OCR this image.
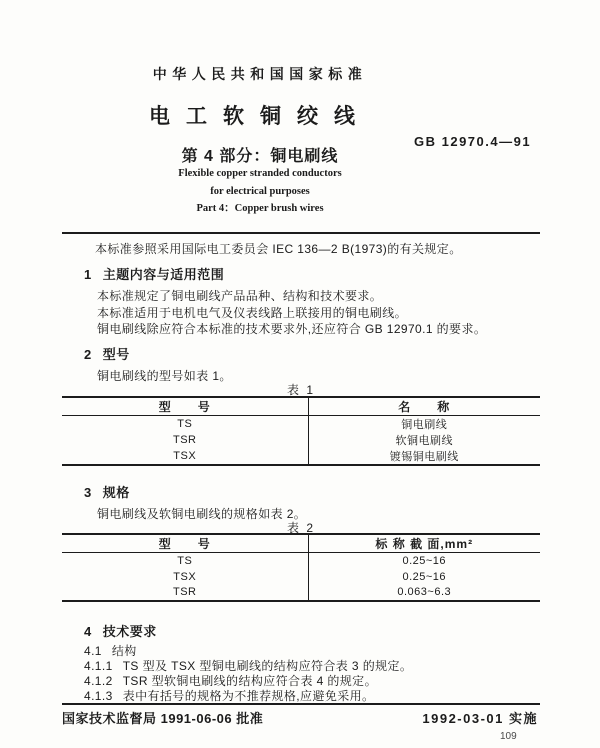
中华人民共和国国家标准
电工软铜绞线
第 4 部分：铜电刷线
GB 12970.4—91
Flexible copper stranded conductors
for electrical purposes
Part 4：Copper brush wires
本标准参照采用国际电工委员会 IEC 136—2 B(1973)的有关规定。
1 主题内容与适用范围
本标准规定了铜电刷线产品品种、结构和技术要求。
本标准适用于电机电气及仪表线路上联接用的铜电刷线。
铜电刷线除应符合本标准的技术要求外,还应符合 GB 12970.1 的要求。
2 型号
铜电刷线的型号如表 1。
表 1
型　　号	名　　称
TS	铜电刷线
TSR	软铜电刷线
TSX	镀锡铜电刷线
3 规格
铜电刷线及软铜电刷线的规格如表 2。
表 2
型　　号	标 称 截 面,mm²
TS	0.25~16
TSX	0.25~16
TSR	0.063~6.3
4 技术要求
4.1 结构
4.1.1 TS 型及 TSX 型铜电刷线的结构应符合表 3 的规定。
4.1.2 TSR 型软铜电刷线的结构应符合表 4 的规定。
4.1.3 表中有括号的规格为不推荐规格,应避免采用。
国家技术监督局 1991-06-06 批准	1992-03-01 实施
109
